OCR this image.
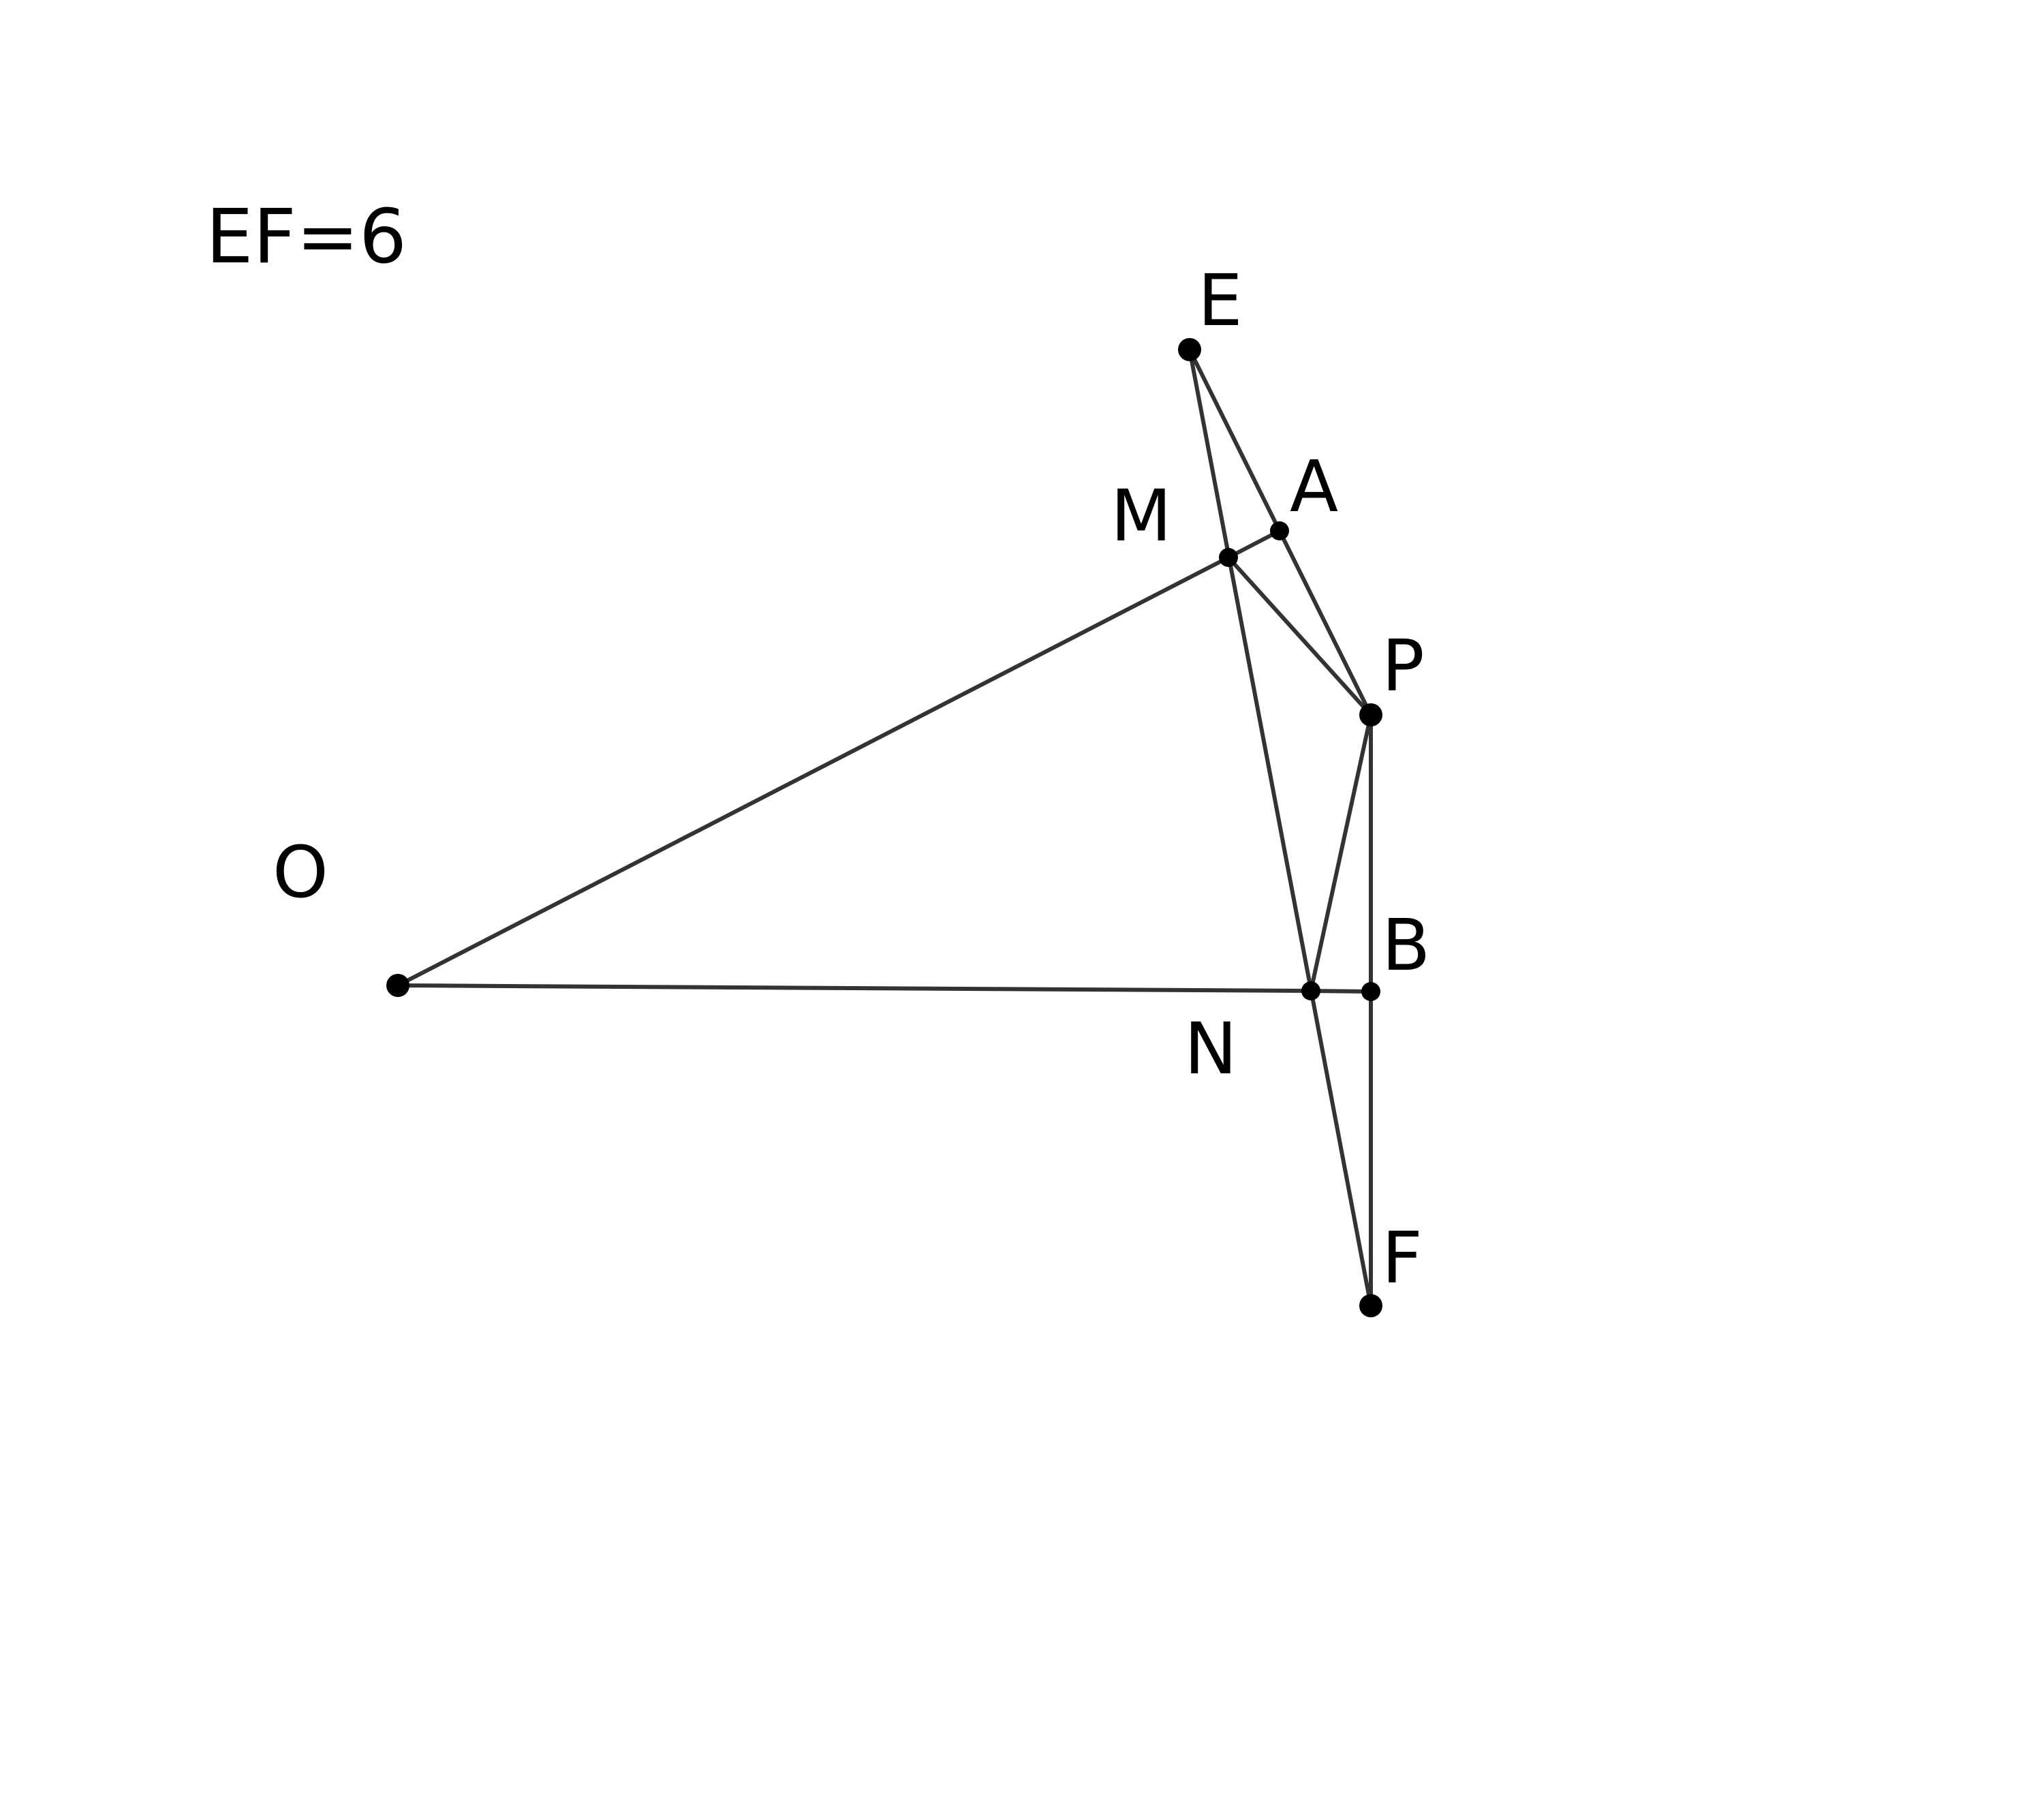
EF=6
O
E
M A
P
B
N
F
